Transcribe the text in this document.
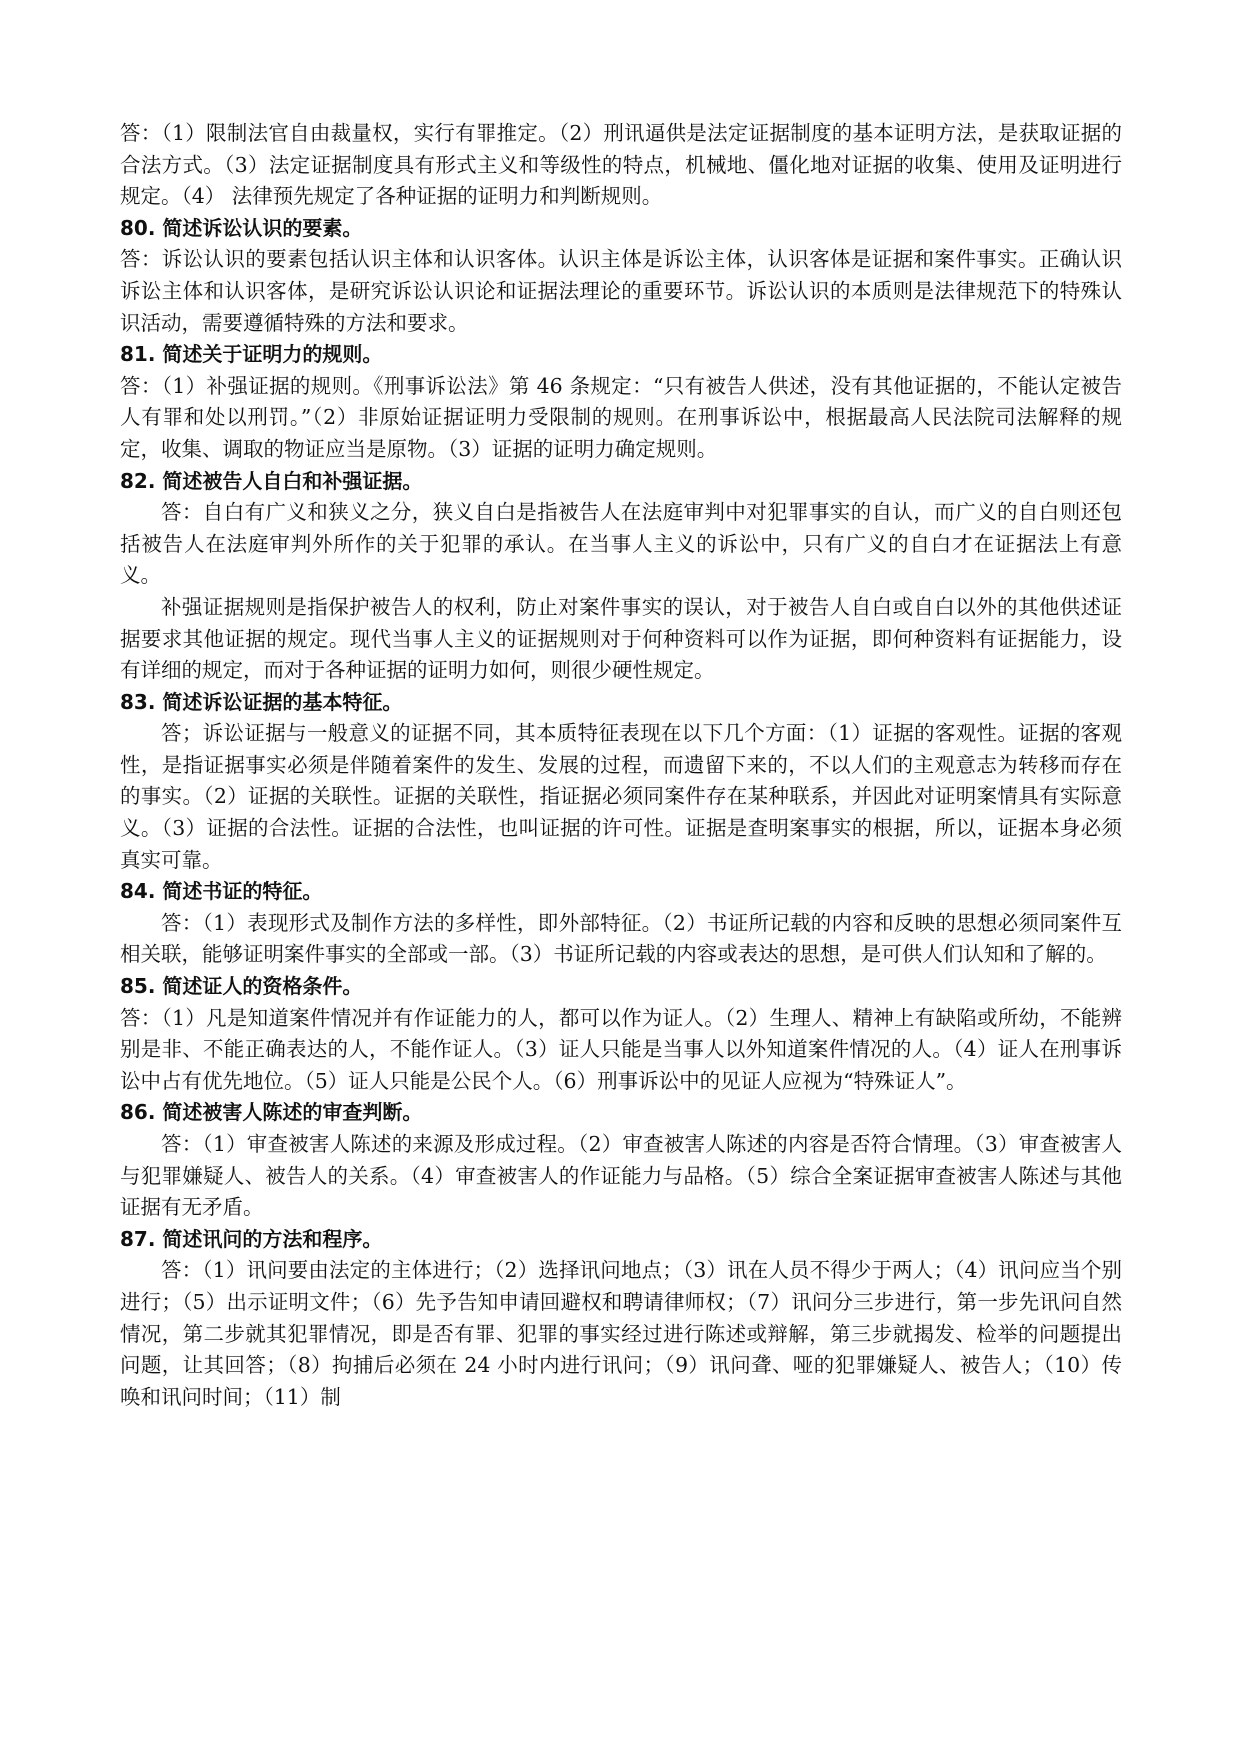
答：（1）限制法官自由裁量权，实行有罪推定。（2）刑讯逼供是法定证据制度的基本证明方法，是获取证据的合法方式。（3）法定证据制度具有形式主义和等级性的特点，机械地、僵化地对证据的收集、使用及证明进行规定。（4） 法律预先规定了各种证据的证明力和判断规则。

80. 简述诉讼认识的要素。

答：诉讼认识的要素包括认识主体和认识客体。认识主体是诉讼主体，认识客体是证据和案件事实。正确认识诉讼主体和认识客体，是研究诉讼认识论和证据法理论的重要环节。诉讼认识的本质则是法律规范下的特殊认识活动，需要遵循特殊的方法和要求。

81. 简述关于证明力的规则。

答：（1）补强证据的规则。《刑事诉讼法》第 46 条规定：“只有被告人供述，没有其他证据的，不能认定被告人有罪和处以刑罚。”（2）非原始证据证明力受限制的规则。在刑事诉讼中，根据最高人民法院司法解释的规定，收集、调取的物证应当是原物。（3）证据的证明力确定规则。

82. 简述被告人自白和补强证据。

答：自白有广义和狭义之分，狭义自白是指被告人在法庭审判中对犯罪事实的自认，而广义的自白则还包括被告人在法庭审判外所作的关于犯罪的承认。在当事人主义的诉讼中，只有广义的自白才在证据法上有意义。

补强证据规则是指保护被告人的权利，防止对案件事实的误认，对于被告人自白或自白以外的其他供述证据要求其他证据的规定。现代当事人主义的证据规则对于何种资料可以作为证据，即何种资料有证据能力，设有详细的规定，而对于各种证据的证明力如何，则很少硬性规定。

83. 简述诉讼证据的基本特征。

答；诉讼证据与一般意义的证据不同，其本质特征表现在以下几个方面：（1）证据的客观性。证据的客观性，是指证据事实必须是伴随着案件的发生、发展的过程，而遗留下来的，不以人们的主观意志为转移而存在的事实。（2）证据的关联性。证据的关联性，指证据必须同案件存在某种联系，并因此对证明案情具有实际意义。（3）证据的合法性。证据的合法性，也叫证据的许可性。证据是查明案事实的根据，所以，证据本身必须真实可靠。

84. 简述书证的特征。

答：（1）表现形式及制作方法的多样性，即外部特征。（2）书证所记载的内容和反映的思想必须同案件互相关联，能够证明案件事实的全部或一部。（3）书证所记载的内容或表达的思想，是可供人们认知和了解的。

85. 简述证人的资格条件。

答：（1）凡是知道案件情况并有作证能力的人，都可以作为证人。（2）生理人、精神上有缺陷或所幼，不能辨别是非、不能正确表达的人，不能作证人。（3）证人只能是当事人以外知道案件情况的人。（4）证人在刑事诉讼中占有优先地位。（5）证人只能是公民个人。（6）刑事诉讼中的见证人应视为“特殊证人”。

86. 简述被害人陈述的审查判断。

答：（1）审查被害人陈述的来源及形成过程。（2）审查被害人陈述的内容是否符合情理。（3）审查被害人与犯罪嫌疑人、被告人的关系。（4）审查被害人的作证能力与品格。（5）综合全案证据审查被害人陈述与其他证据有无矛盾。

87. 简述讯问的方法和程序。

答：（1）讯问要由法定的主体进行；（2）选择讯问地点；（3）讯在人员不得少于两人；（4）讯问应当个别进行；（5）出示证明文件；（6）先予告知申请回避权和聘请律师权；（7）讯问分三步进行，第一步先讯问自然情况，第二步就其犯罪情况，即是否有罪、犯罪的事实经过进行陈述或辩解，第三步就揭发、检举的问题提出问题，让其回答；（8）拘捕后必须在 24 小时内进行讯问；（9）讯问聋、哑的犯罪嫌疑人、被告人；（10）传唤和讯问时间；（11）制
